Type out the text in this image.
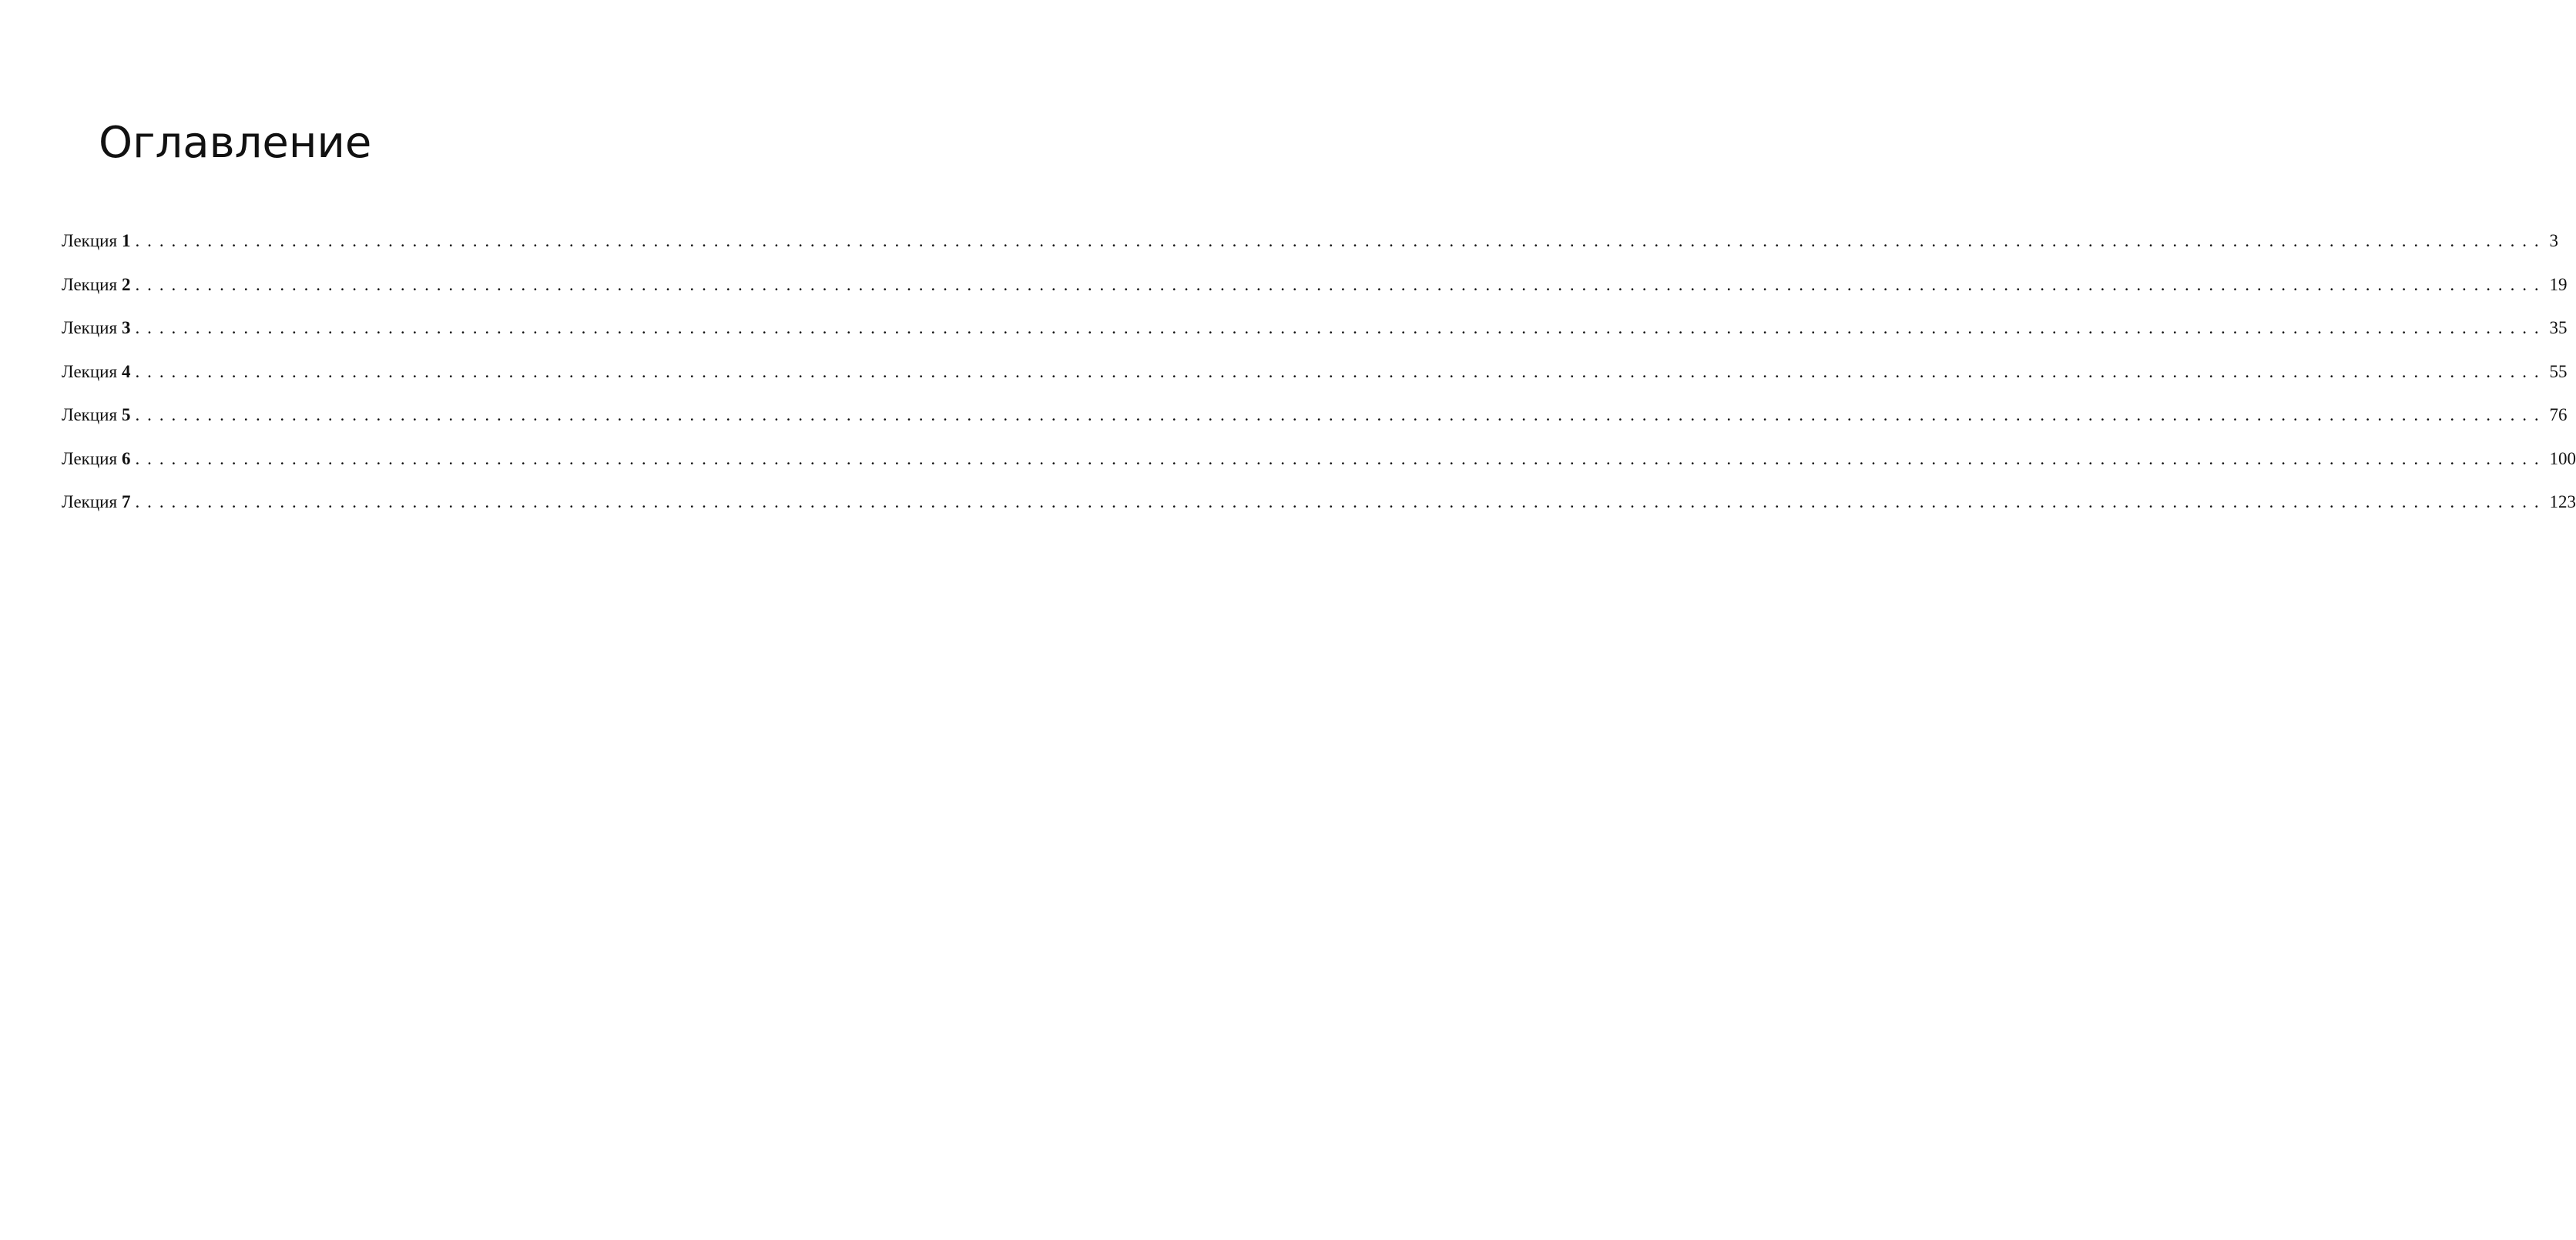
Оглавление
Лекция 1 ........................................................................................................................................................................................................ 3
Лекция 2 ........................................................................................................................................................................................................ 19
Лекция 3 ........................................................................................................................................................................................................ 35
Лекция 4 ........................................................................................................................................................................................................ 55
Лекция 5 ........................................................................................................................................................................................................ 76
Лекция 6 ........................................................................................................................................................................................................ 100
Лекция 7 ........................................................................................................................................................................................................ 123
